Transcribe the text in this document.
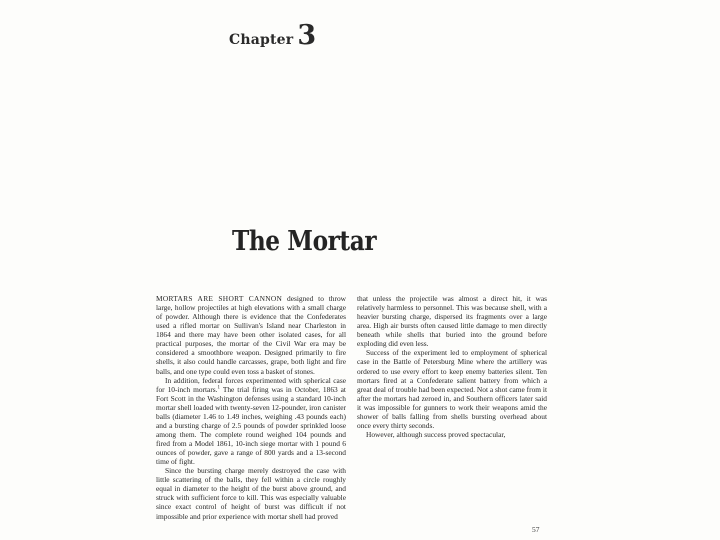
Chapter 3
The Mortar

MORTARS ARE SHORT CANNON designed to throw large, hollow projectiles at high elevations with a small charge of powder. Although there is evidence that the Confederates used a rifled mortar on Sullivan's Island near Charleston in 1864 and there may have been other isolated cases, for all practical purposes, the mortar of the Civil War era may be considered a smoothbore weapon. Designed primarily to fire shells, it also could handle carcasses, grape, both light and fire balls, and one type could even toss a basket of stones.

In addition, federal forces experimented with spherical case for 10-inch mortars.$^1$ The trial firing was in October, 1863 at Fort Scott in the Washington defenses using a standard 10-inch mortar shell loaded with twenty-seven 12-pounder, iron canister balls (diameter 1.46 to 1.49 inches, weighing .43 pounds each) and a bursting charge of 2.5 pounds of powder sprinkled loose among them. The complete round weighed 104 pounds and fired from a Model 1861, 10-inch siege mortar with 1 pound 6 ounces of powder, gave a range of 800 yards and a 13-second time of fight.

Since the bursting charge merely destroyed the case with little scattering of the balls, they fell within a circle roughly equal in diameter to the height of the burst above ground, and struck with sufficient force to kill. This was especially valuable since exact control of height of burst was difficult if not impossible and prior experience with mortar shell had proved

that unless the projectile was almost a direct hit, it was relatively harmless to personnel. This was because shell, with a heavier bursting charge, dispersed its fragments over a large area. High air bursts often caused little damage to men directly beneath while shells that buried into the ground before exploding did even less.

Success of the experiment led to employment of spherical case in the Battle of Petersburg Mine where the artillery was ordered to use every effort to keep enemy batteries silent. Ten mortars fired at a Confederate salient battery from which a great deal of trouble had been expected. Not a shot came from it after the mortars had zeroed in, and Southern officers later said it was impossible for gunners to work their weapons amid the shower of balls falling from shells bursting overhead about once every thirty seconds.

However, although success proved spectacular,

57
